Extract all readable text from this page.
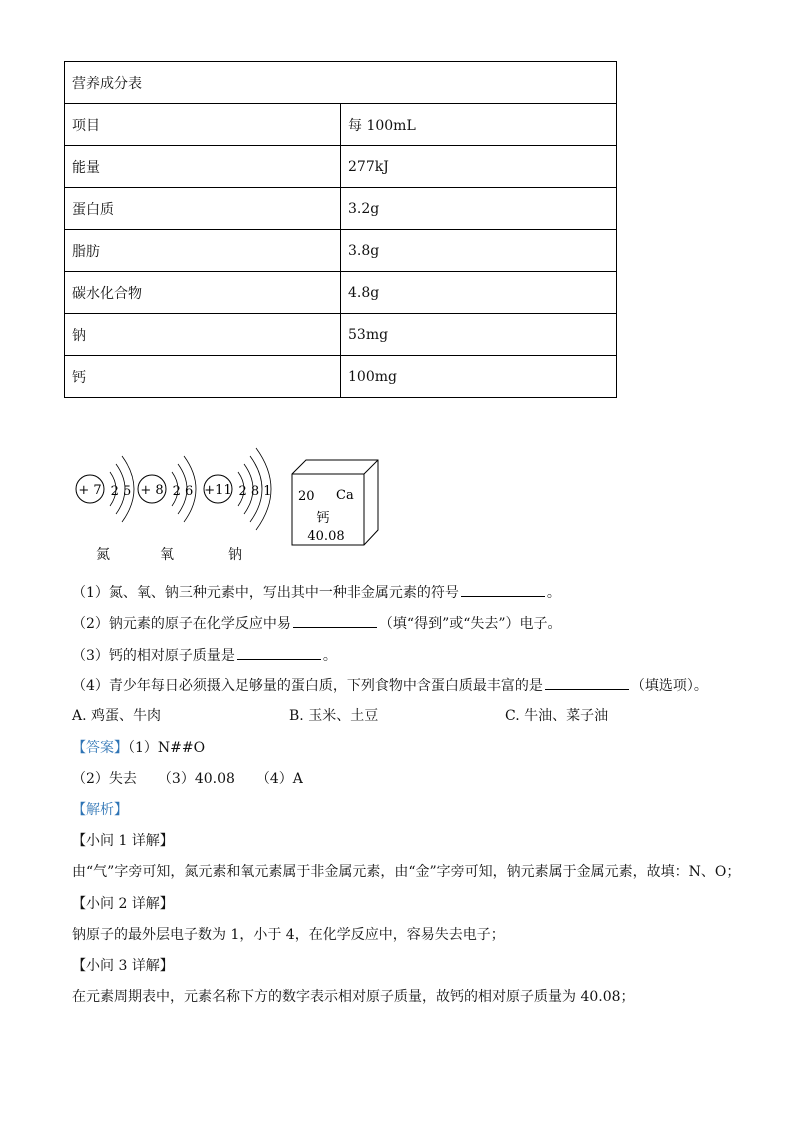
营养成分表	
项目	每 100mL
能量	277kJ
蛋白质	3.2g
脂肪	3.8g
碳水化合物	4.8g
钠	53mg
钙	100mg
+ 7 2 5 + 8 2 6 +11 2 8 1 20 Ca
钙
40.08
氮	氧	钠
（1）氮、氧、钠三种元素中，写出其中一种非金属元素的符号	。
（2）钠元素的原子在化学反应中易	（填“得到”或“失去”）电子。
（3）钙的相对原子质量是	。
（4）青少年每日必须摄入足够量的蛋白质，下列食物中含蛋白质最丰富的是	（填选项）。
A. 鸡蛋、牛肉	B. 玉米、土豆	C. 牛油、菜子油
【答案】（1）N##O
（2）失去　　（3）40.08　　（4）A
【解析】
【小问 1 详解】
由“气”字旁可知，氮元素和氧元素属于非金属元素，由“金”字旁可知，钠元素属于金属元素，故填：N、O；
【小问 2 详解】
钠原子的最外层电子数为 1，小于 4，在化学反应中，容易失去电子；
【小问 3 详解】
在元素周期表中，元素名称下方的数字表示相对原子质量，故钙的相对原子质量为 40.08；
